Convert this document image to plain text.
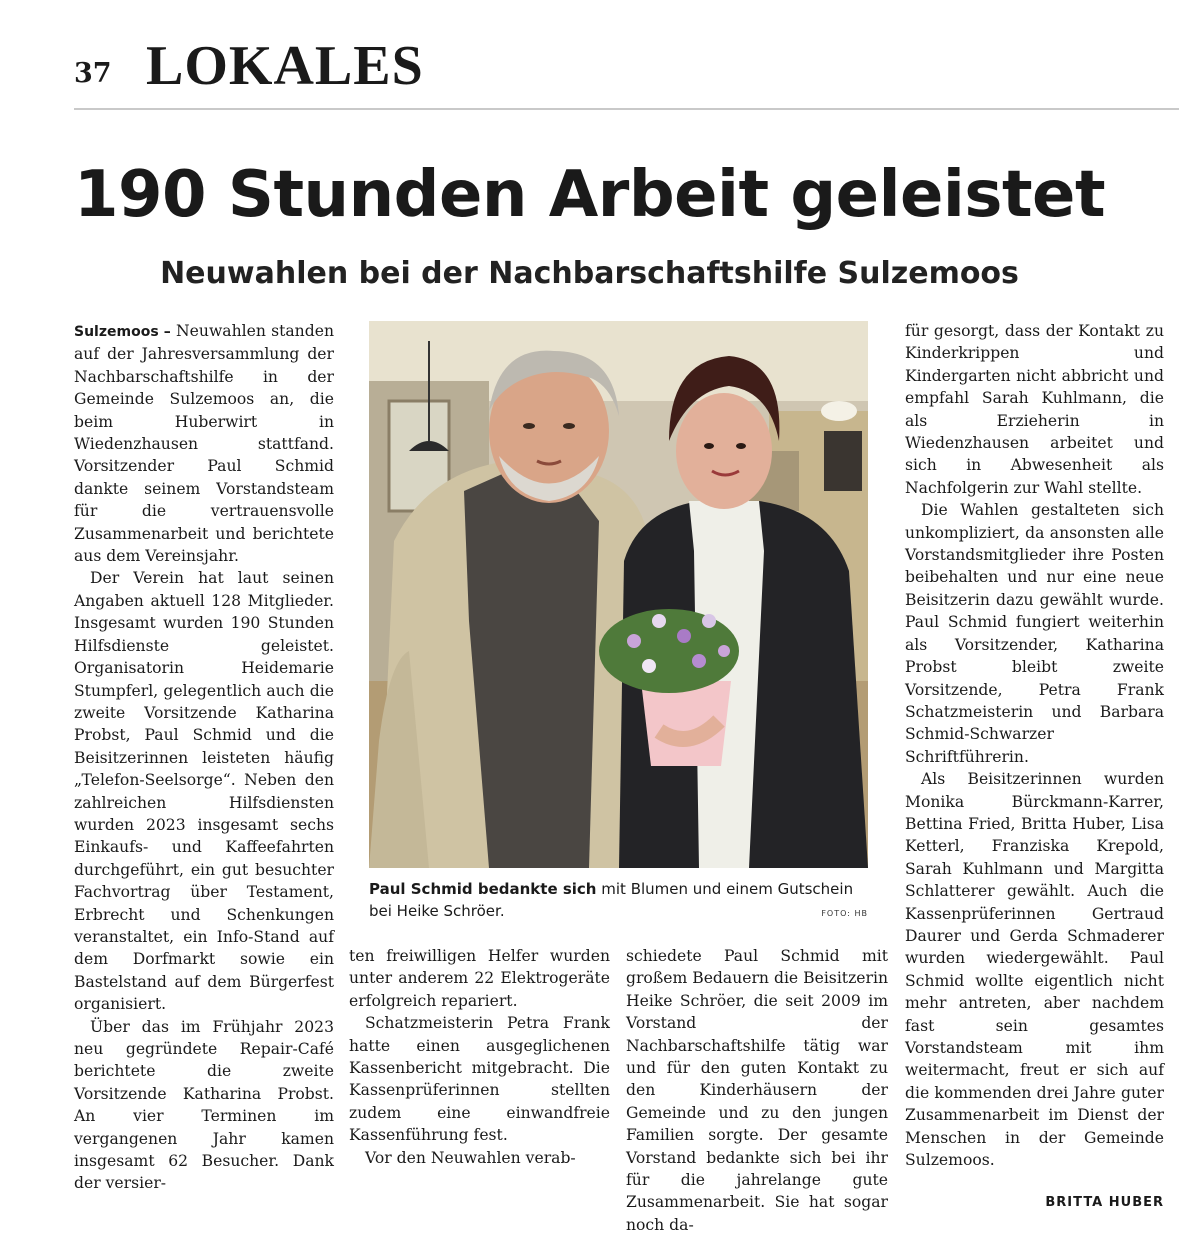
37 LOKALES
190 Stunden Arbeit geleistet
Neuwahlen bei der Nachbarschaftshilfe Sulzemoos

Sulzemoos – Neuwahlen standen auf der Jahresversammlung der Nachbarschaftshilfe in der Gemeinde Sulzemoos an, die beim Huberwirt in Wiedenzhausen stattfand. Vorsitzender Paul Schmid dankte seinem Vorstandsteam für die vertrauensvolle Zusammenarbeit und berichtete aus dem Vereinsjahr.

Der Verein hat laut seinen Angaben aktuell 128 Mitglieder. Insgesamt wurden 190 Stunden Hilfsdienste geleistet. Organisatorin Heidemarie Stumpferl, gelegentlich auch die zweite Vorsitzende Katharina Probst, Paul Schmid und die Beisitzerinnen leisteten häufig „Telefon-Seelsorge“. Neben den zahlreichen Hilfsdiensten wurden 2023 insgesamt sechs Einkaufs- und Kaffeefahrten durchgeführt, ein gut besuchter Fachvortrag über Testament, Erbrecht und Schenkungen veranstaltet, ein Info-Stand auf dem Dorfmarkt sowie ein Bastelstand auf dem Bürgerfest organisiert.

Über das im Frühjahr 2023 neu gegründete Repair-Café berichtete die zweite Vorsitzende Katharina Probst. An vier Terminen im vergangenen Jahr kamen insgesamt 62 Besucher. Dank der versier-

Paul Schmid bedankte sich mit Blumen und einem Gutschein bei Heike Schröer.	FOTO: HB

ten freiwilligen Helfer wurden unter anderem 22 Elektrogeräte erfolgreich repariert.

Schatzmeisterin Petra Frank hatte einen ausgeglichenen Kassenbericht mitgebracht. Die Kassenprüferinnen stellten zudem eine einwandfreie Kassenführung fest.

Vor den Neuwahlen verab-

schiedete Paul Schmid mit großem Bedauern die Beisitzerin Heike Schröer, die seit 2009 im Vorstand der Nachbarschaftshilfe tätig war und für den guten Kontakt zu den Kinderhäusern der Gemeinde und zu den jungen Familien sorgte. Der gesamte Vorstand bedankte sich bei ihr für die jahrelange gute Zusammenarbeit. Sie hat sogar noch da-

für gesorgt, dass der Kontakt zu Kinderkrippen und Kindergarten nicht abbricht und empfahl Sarah Kuhlmann, die als Erzieherin in Wiedenzhausen arbeitet und sich in Abwesenheit als Nachfolgerin zur Wahl stellte.

Die Wahlen gestalteten sich unkompliziert, da ansonsten alle Vorstandsmitglieder ihre Posten beibehalten und nur eine neue Beisitzerin dazu gewählt wurde. Paul Schmid fungiert weiterhin als Vorsitzender, Katharina Probst bleibt zweite Vorsitzende, Petra Frank Schatzmeisterin und Barbara Schmid-Schwarzer Schriftführerin.

Als Beisitzerinnen wurden Monika Bürckmann-Karrer, Bettina Fried, Britta Huber, Lisa Ketterl, Franziska Krepold, Sarah Kuhlmann und Margitta Schlatterer gewählt. Auch die Kassenprüferinnen Gertraud Daurer und Gerda Schmaderer wurden wiedergewählt. Paul Schmid wollte eigentlich nicht mehr antreten, aber nachdem fast sein gesamtes Vorstandsteam mit ihm weitermacht, freut er sich auf die kommenden drei Jahre guter Zusammenarbeit im Dienst der Menschen in der Gemeinde Sulzemoos.

BRITTA HUBER
